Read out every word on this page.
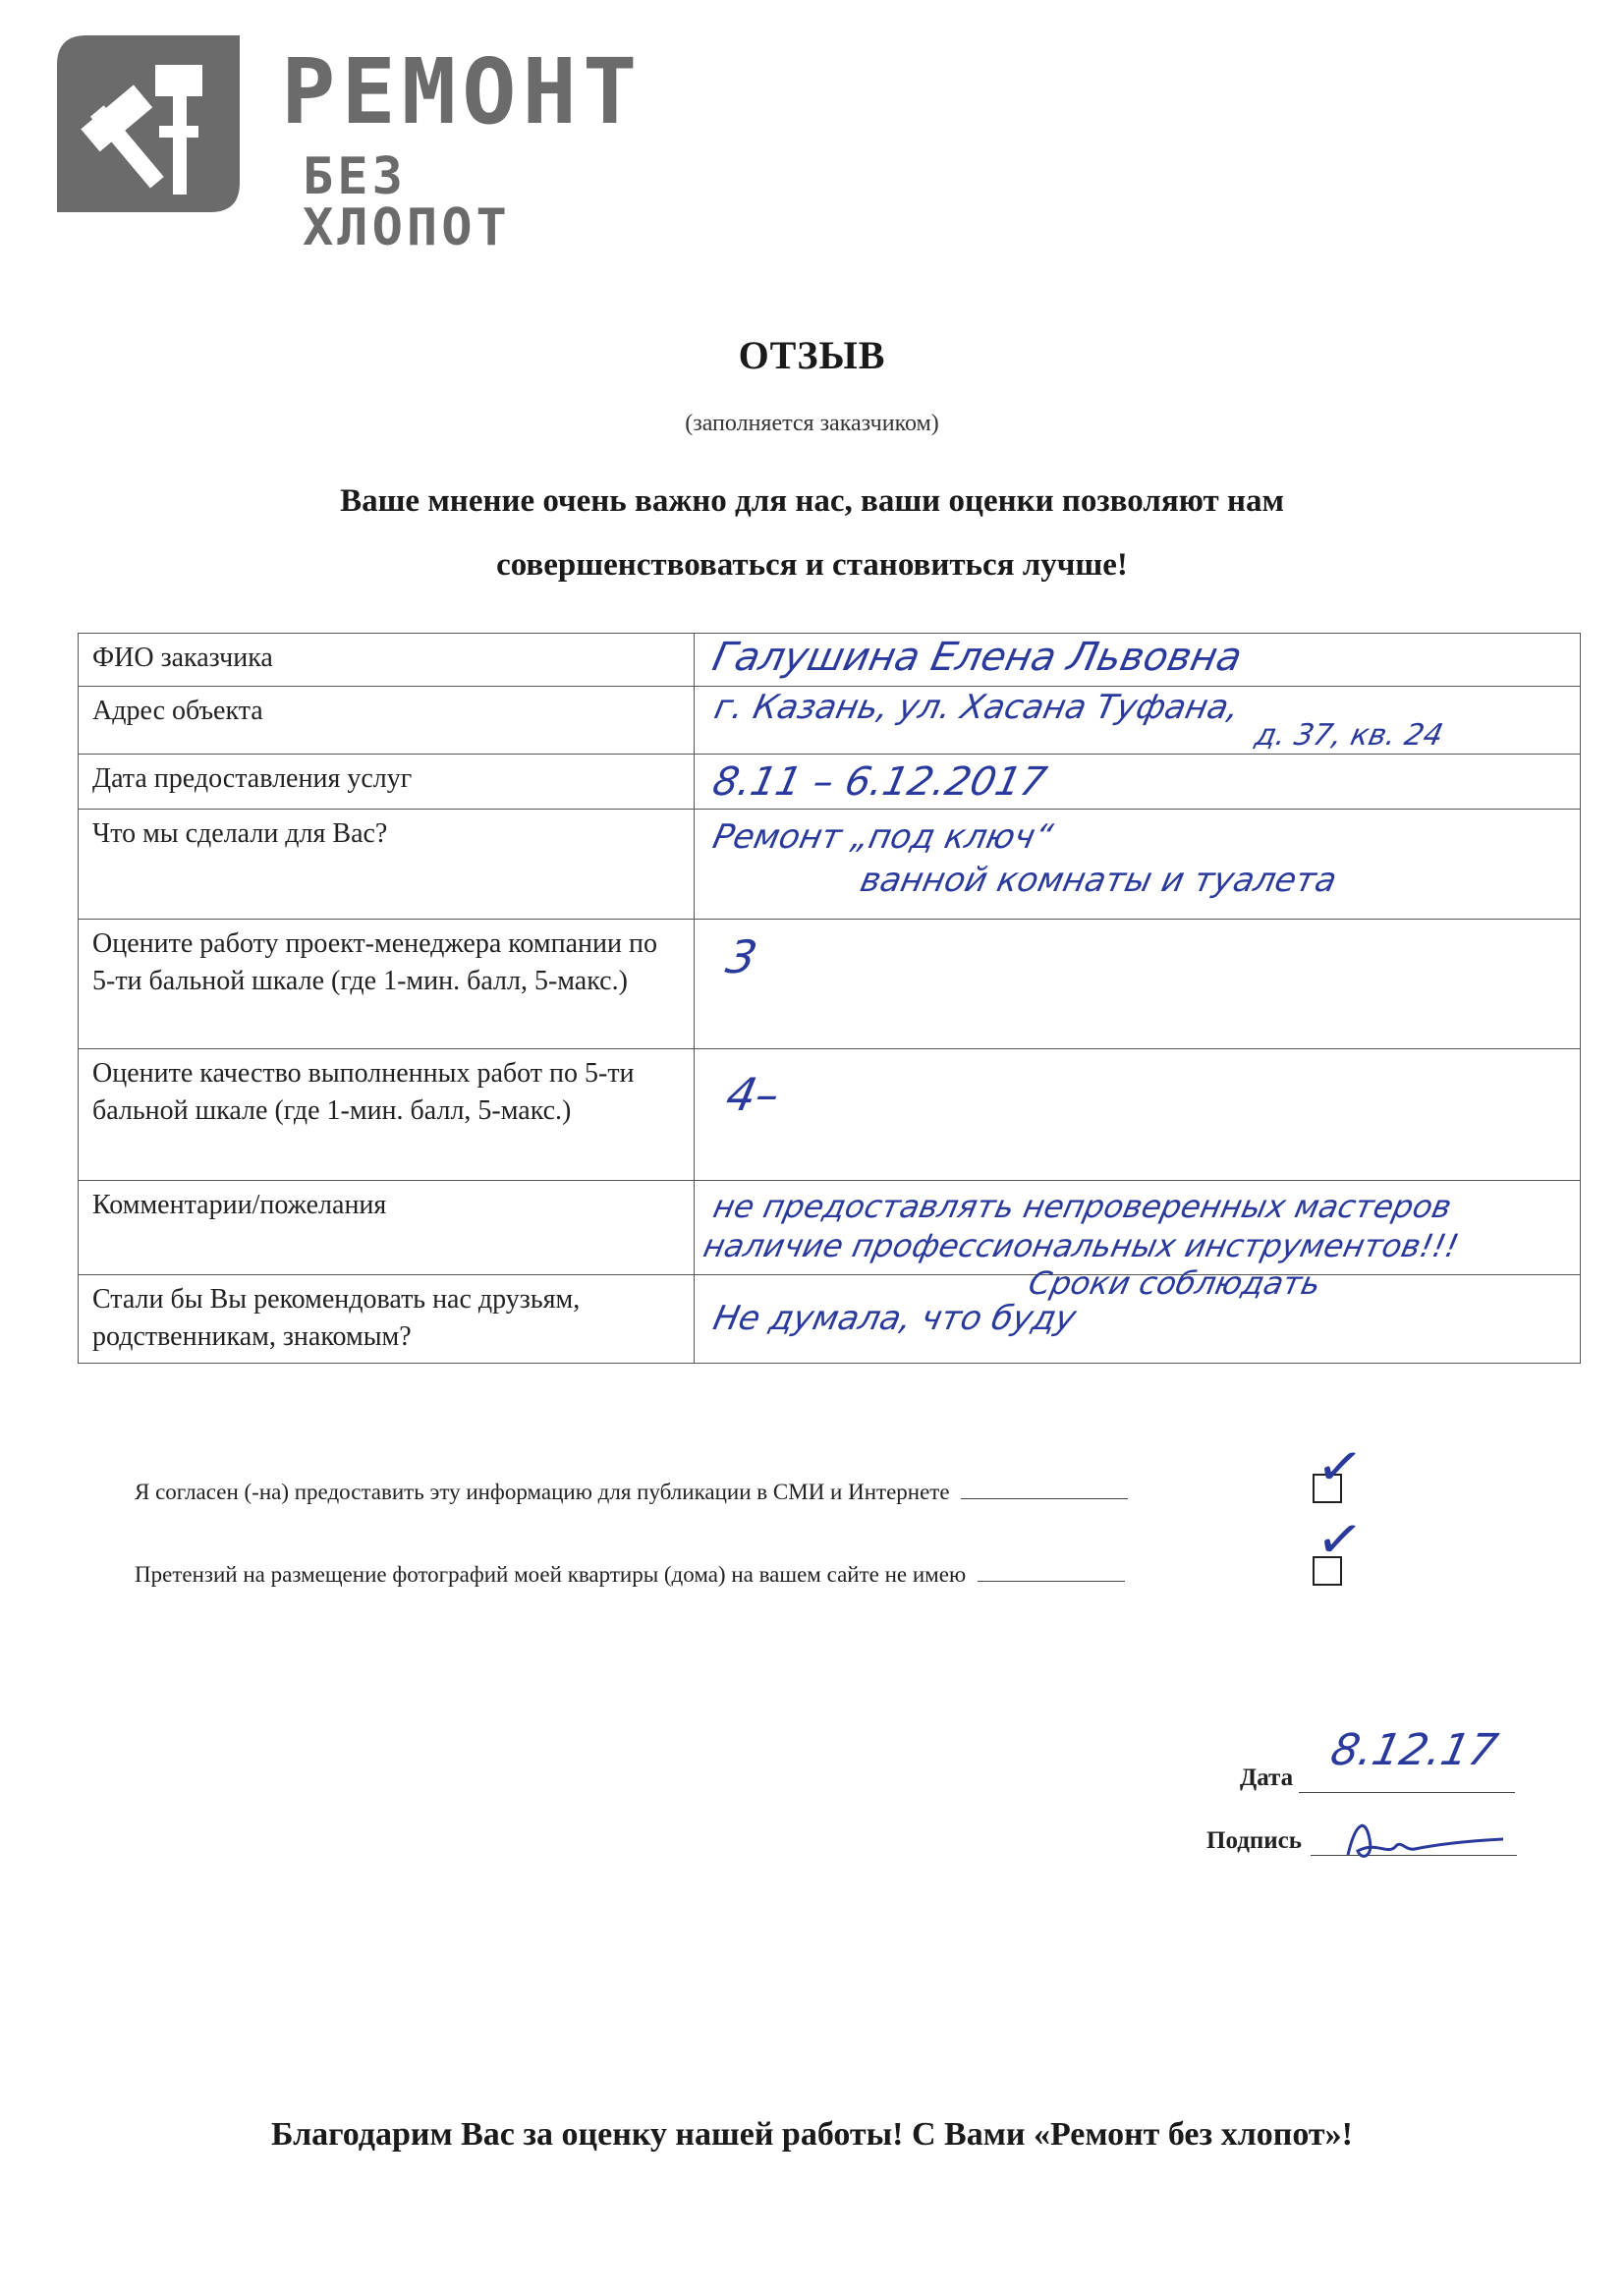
РЕМОНТ
БЕЗ ХЛОПОТ
ОТЗЫВ
(заполняется заказчиком)
Ваше мнение очень важно для нас, ваши оценки позволяют нам
совершенствоваться и становиться лучше!
ФИО заказчика	Галушина Елена Львовна

Адрес объекта	г. Казань, ул. Хасана Туфана,
д. 37, кв. 24

Дата предоставления услуг	8.11 – 6.12.2017

Что мы сделали для Вас?	Ремонт „под ключ“
ванной комнаты и туалета

Оцените работу проект-менеджера компании по 5-ти бальной шкале (где 1-мин. балл, 5-макс.)	3

Оцените качество выполненных работ по 5-ти бальной шкале (где 1-мин. балл, 5-макс.)	4–

Комментарии/пожелания	не предоставлять непроверенных мастеров
наличие профессиональных инструментов!!!

Стали бы Вы рекомендовать нас друзьям, родственникам, знакомым?	Сроки соблюдать
Не думала, что буду
Я согласен (-на) предоставить эту информацию для публикации в СМИ и Интернете	✓
Претензий на размещение фотографий моей квартиры (дома) на вашем сайте не имею	✓
Дата
8.12.17
Подпись
Благодарим Вас за оценку нашей работы! С Вами «Ремонт без хлопот»!
